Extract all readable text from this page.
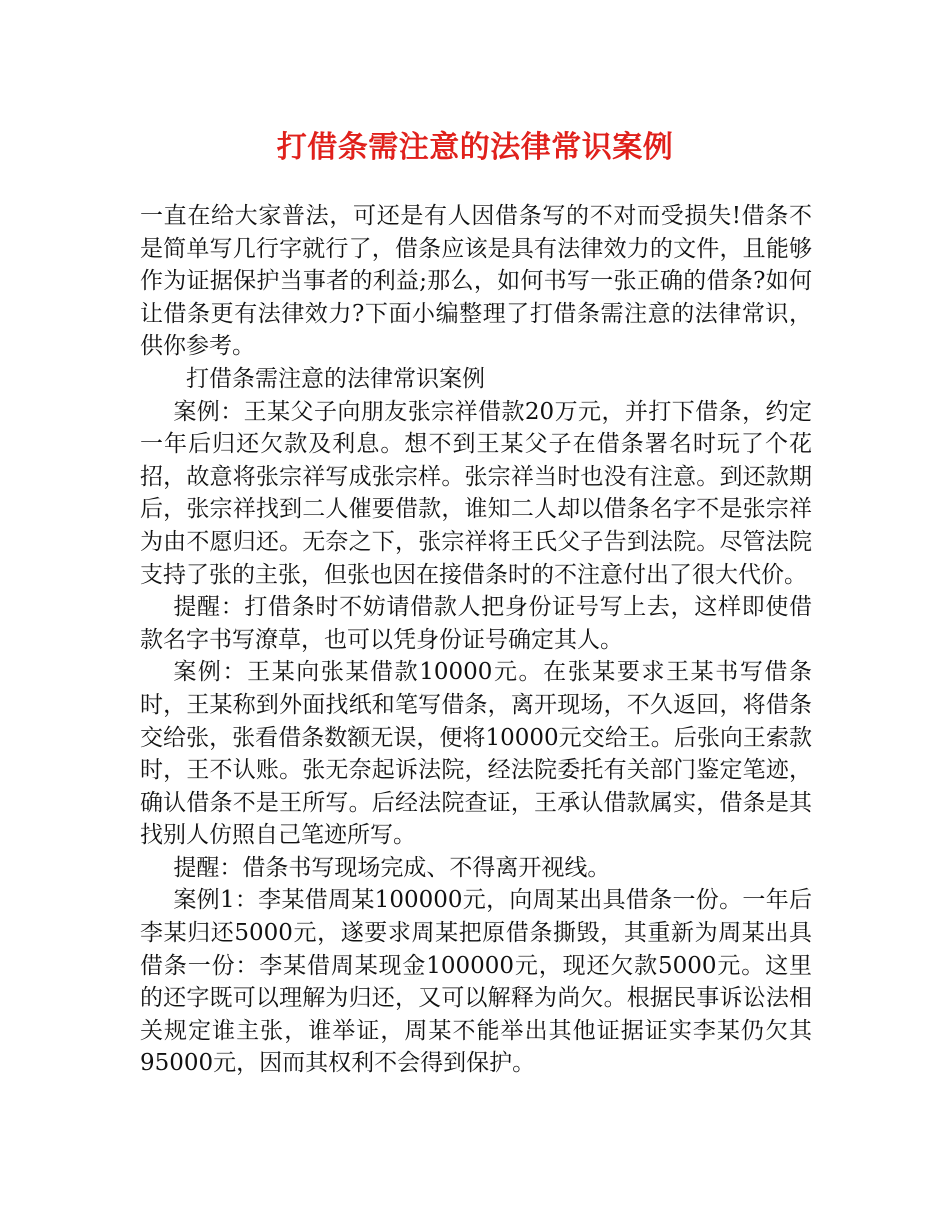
打借条需注意的法律常识案例

一直在给大家普法，可还是有人因借条写的不对而受损失!借条不是简单写几行字就行了，借条应该是具有法律效力的文件，且能够作为证据保护当事者的利益;那么，如何书写一张正确的借条?如何让借条更有法律效力?下面小编整理了打借条需注意的法律常识，供你参考。

打借条需注意的法律常识案例

案例：王某父子向朋友张宗祥借款20万元，并打下借条，约定一年后归还欠款及利息。想不到王某父子在借条署名时玩了个花招，故意将张宗祥写成张宗样。张宗祥当时也没有注意。到还款期后，张宗祥找到二人催要借款，谁知二人却以借条名字不是张宗祥为由不愿归还。无奈之下，张宗祥将王氏父子告到法院。尽管法院支持了张的主张，但张也因在接借条时的不注意付出了很大代价。

提醒：打借条时不妨请借款人把身份证号写上去，这样即使借款名字书写潦草，也可以凭身份证号确定其人。

案例：王某向张某借款10000元。在张某要求王某书写借条时，王某称到外面找纸和笔写借条，离开现场，不久返回，将借条交给张，张看借条数额无误，便将10000元交给王。后张向王索款时，王不认账。张无奈起诉法院，经法院委托有关部门鉴定笔迹，确认借条不是王所写。后经法院查证，王承认借款属实，借条是其找别人仿照自己笔迹所写。

提醒：借条书写现场完成、不得离开视线。

案例1：李某借周某100000元，向周某出具借条一份。一年后李某归还5000元，遂要求周某把原借条撕毁，其重新为周某出具借条一份：李某借周某现金100000元，现还欠款5000元。这里的还字既可以理解为归还，又可以解释为尚欠。根据民事诉讼法相关规定谁主张，谁举证，周某不能举出其他证据证实李某仍欠其95000元，因而其权利不会得到保护。
